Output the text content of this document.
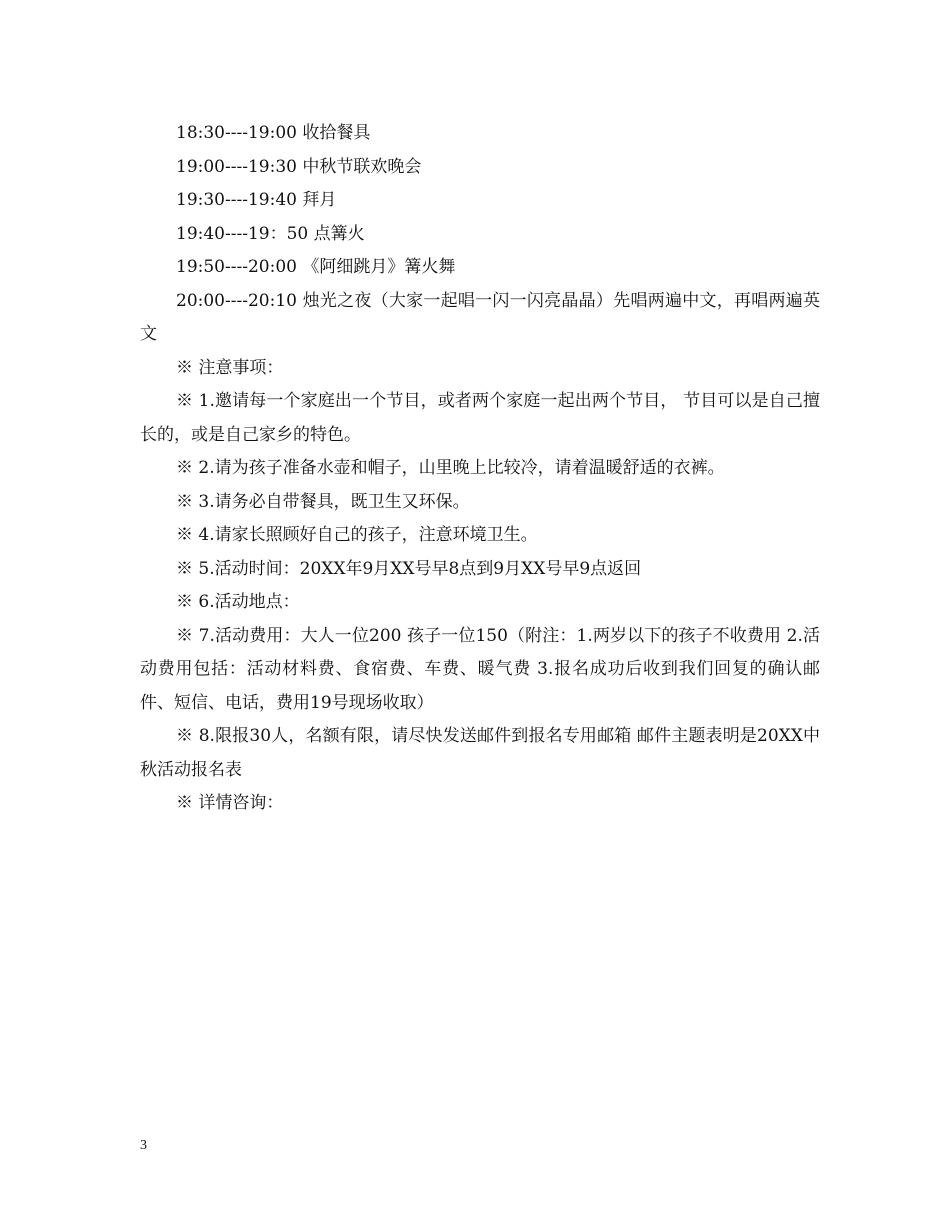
18:30----19:00 收拾餐具

19:00----19:30 中秋节联欢晚会

19:30----19:40 拜月

19:40----19：50 点篝火

19:50----20:00 《阿细跳月》篝火舞

20:00----20:10 烛光之夜（大家一起唱一闪一闪亮晶晶）先唱两遍中文，再唱两遍英文

※ 注意事项：

※ 1.邀请每一个家庭出一个节目，或者两个家庭一起出两个节目， 节目可以是自己擅长的，或是自己家乡的特色。

※ 2.请为孩子准备水壶和帽子，山里晚上比较冷，请着温暖舒适的衣裤。

※ 3.请务必自带餐具，既卫生又环保。

※ 4.请家长照顾好自己的孩子，注意环境卫生。

※ 5.活动时间：20XX年9月XX号早8点到9月XX号早9点返回

※ 6.活动地点：

※ 7.活动费用：大人一位200 孩子一位150（附注：1.两岁以下的孩子不收费用 2.活动费用包括：活动材料费、食宿费、车费、暖气费 3.报名成功后收到我们回复的确认邮件、短信、电话，费用19号现场收取）

※ 8.限报30人，名额有限，请尽快发送邮件到报名专用邮箱 邮件主题表明是20XX中秋活动报名表

※ 详情咨询：

3
